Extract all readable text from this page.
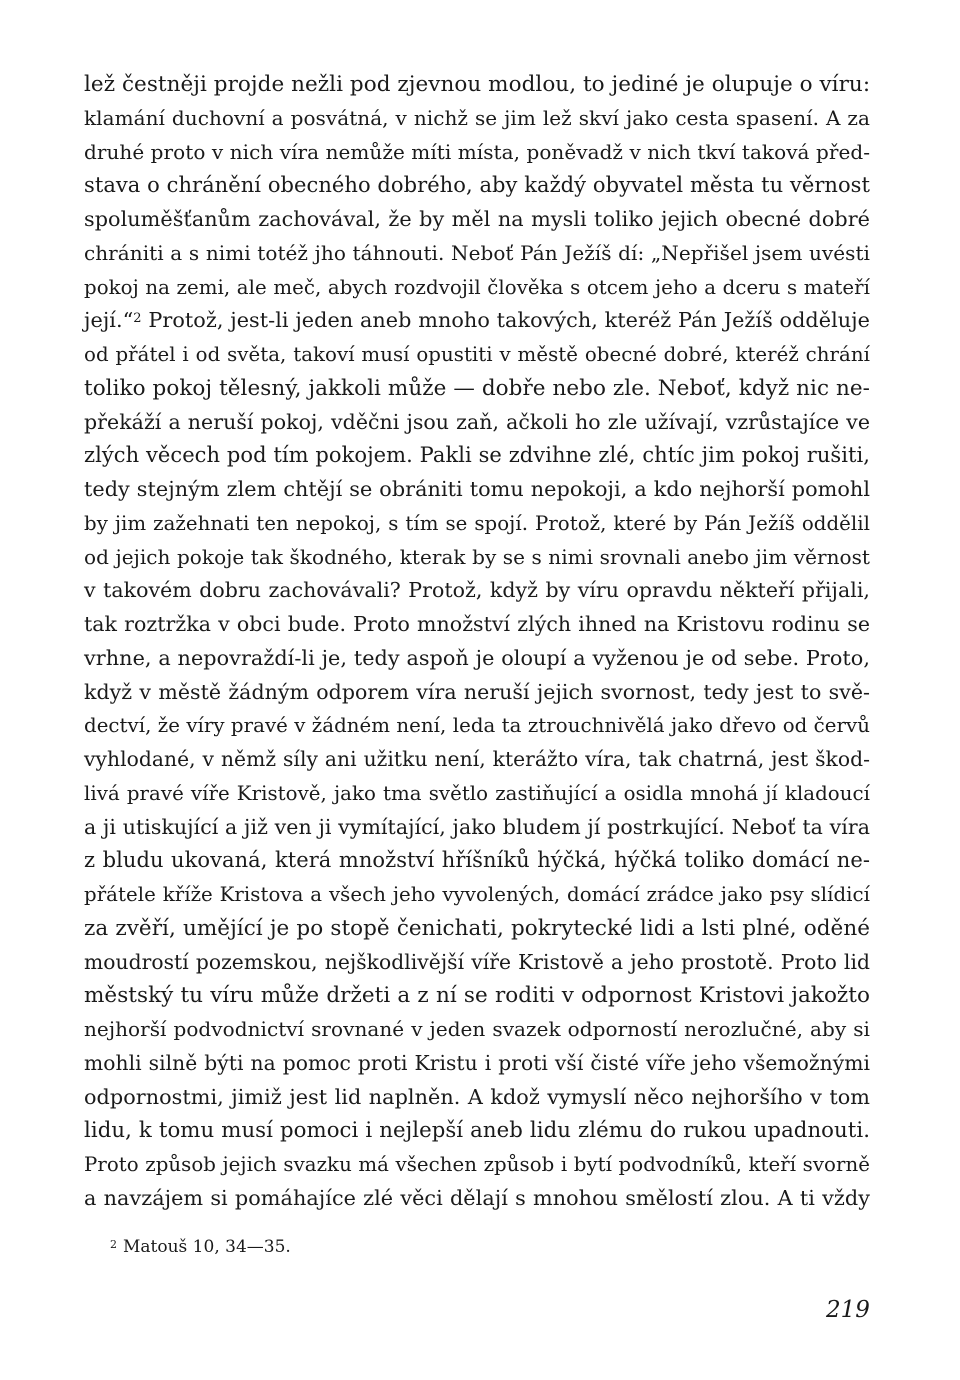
lež čestněji projde nežli pod zjevnou modlou, to jediné je olupuje o víru:
klamání duchovní a posvátná, v nichž se jim lež skví jako cesta spasení. A za
druhé proto v nich víra nemůže míti místa, poněvadž v nich tkví taková před-
stava o chránění obecného dobrého, aby každý obyvatel města tu věrnost
spoluměšťanům zachovával, že by měl na mysli toliko jejich obecné dobré
chrániti a s nimi totéž jho táhnouti. Neboť Pán Ježíš dí: „Nepřišel jsem uvésti
pokoj na zemi, ale meč, abych rozdvojil člověka s otcem jeho a dceru s mateří
její.“$^2$ Protož, jest-li jeden aneb mnoho takových, kteréž Pán Ježíš odděluje
od přátel i od světa, takoví musí opustiti v městě obecné dobré, kteréž chrání
toliko pokoj tělesný, jakkoli může — dobře nebo zle. Neboť, když nic ne-
překáží a neruší pokoj, vděčni jsou zaň, ačkoli ho zle užívají, vzrůstajíce ve
zlých věcech pod tím pokojem. Pakli se zdvihne zlé, chtíc jim pokoj rušiti,
tedy stejným zlem chtějí se obrániti tomu nepokoji, a kdo nejhorší pomohl
by jim zažehnati ten nepokoj, s tím se spojí. Protož, které by Pán Ježíš oddělil
od jejich pokoje tak škodného, kterak by se s nimi srovnali anebo jim věrnost
v takovém dobru zachovávali? Protož, když by víru opravdu někteří přijali,
tak roztržka v obci bude. Proto množství zlých ihned na Kristovu rodinu se
vrhne, a nepovraždí-li je, tedy aspoň je oloupí a vyženou je od sebe. Proto,
když v městě žádným odporem víra neruší jejich svornost, tedy jest to svě-
dectví, že víry pravé v žádném není, leda ta ztrouchnivělá jako dřevo od červů
vyhlodané, v němž síly ani užitku není, kterážto víra, tak chatrná, jest škod-
livá pravé víře Kristově, jako tma světlo zastiňující a osidla mnohá jí kladoucí
a ji utiskující a již ven ji vymítající, jako bludem jí postrkující. Neboť ta víra
z bludu ukovaná, která množství hříšníků hýčká, hýčká toliko domácí ne-
přátele kříže Kristova a všech jeho vyvolených, domácí zrádce jako psy slídicí
za zvěří, umějící je po stopě čenichati, pokrytecké lidi a lsti plné, oděné
moudrostí pozemskou, nejškodlivější víře Kristově a jeho prostotě. Proto lid
městský tu víru může držeti a z ní se roditi v odpornost Kristovi jakožto
nejhorší podvodnictví srovnané v jeden svazek odporností nerozlučné, aby si
mohli silně býti na pomoc proti Kristu i proti vší čisté víře jeho všemožnými
odpornostmi, jimiž jest lid naplněn. A kdož vymyslí něco nejhoršího v tom
lidu, k tomu musí pomoci i nejlepší aneb lidu zlému do rukou upadnouti.
Proto způsob jejich svazku má všechen způsob i bytí podvodníků, kteří svorně
a navzájem si pomáhajíce zlé věci dělají s mnohou smělostí zlou. A ti vždy
$^2$ Matouš 10, 34—35.
219
